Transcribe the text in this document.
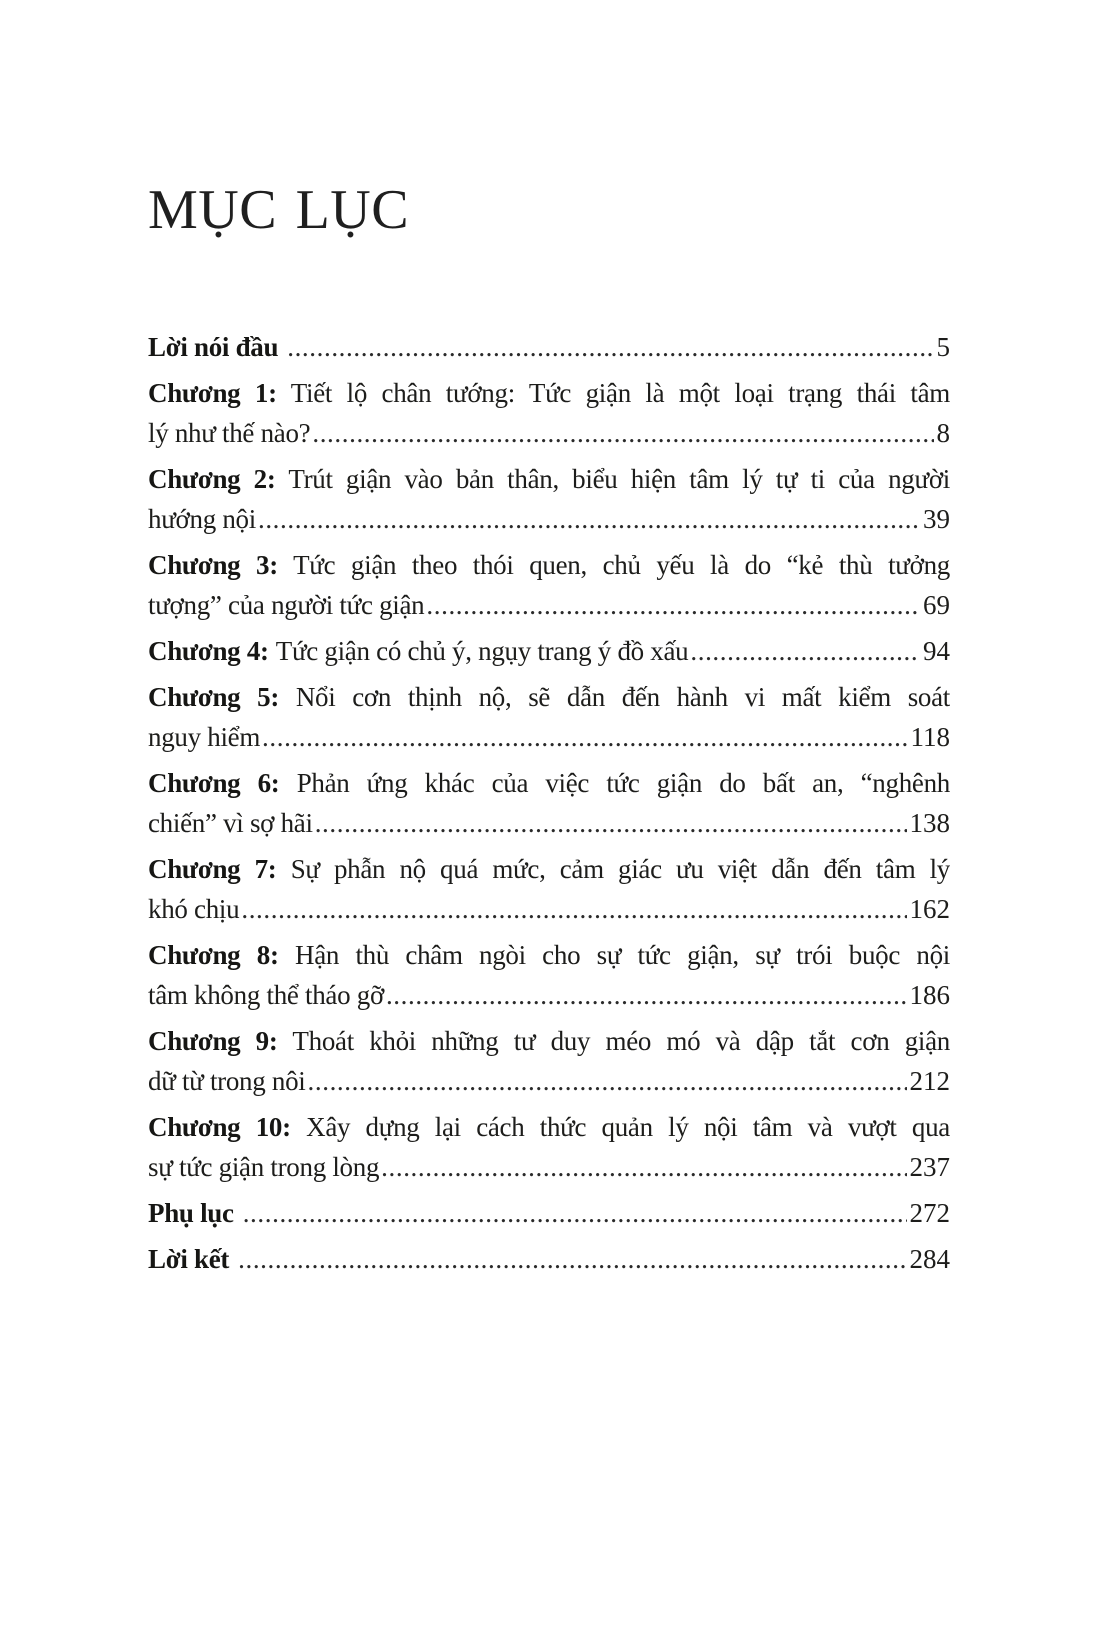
MỤC LỤC
Lời nói đầu .....	5
Chương 1: Tiết lộ chân tướng: Tức giận là một loại trạng thái tâm
lý như thế nào? .....	8
Chương 2: Trút giận vào bản thân, biểu hiện tâm lý tự ti của người
hướng nội .....	39
Chương 3: Tức giận theo thói quen, chủ yếu là do “kẻ thù tưởng
tượng” của người tức giận .....	69
Chương 4: Tức giận có chủ ý, ngụy trang ý đồ xấu .....	94
Chương 5: Nổi cơn thịnh nộ, sẽ dẫn đến hành vi mất kiểm soát
nguy hiểm .....	118
Chương 6: Phản ứng khác của việc tức giận do bất an, “nghênh
chiến” vì sợ hãi .....	138
Chương 7: Sự phẫn nộ quá mức, cảm giác ưu việt dẫn đến tâm lý
khó chịu .....	162
Chương 8: Hận thù châm ngòi cho sự tức giận, sự trói buộc nội
tâm không thể tháo gỡ .....	186
Chương 9: Thoát khỏi những tư duy méo mó và dập tắt cơn giận
dữ từ trong nôi .....	212
Chương 10: Xây dựng lại cách thức quản lý nội tâm và vượt qua
sự tức giận trong lòng .....	237
Phụ lục .....	272
Lời kết .....	284
